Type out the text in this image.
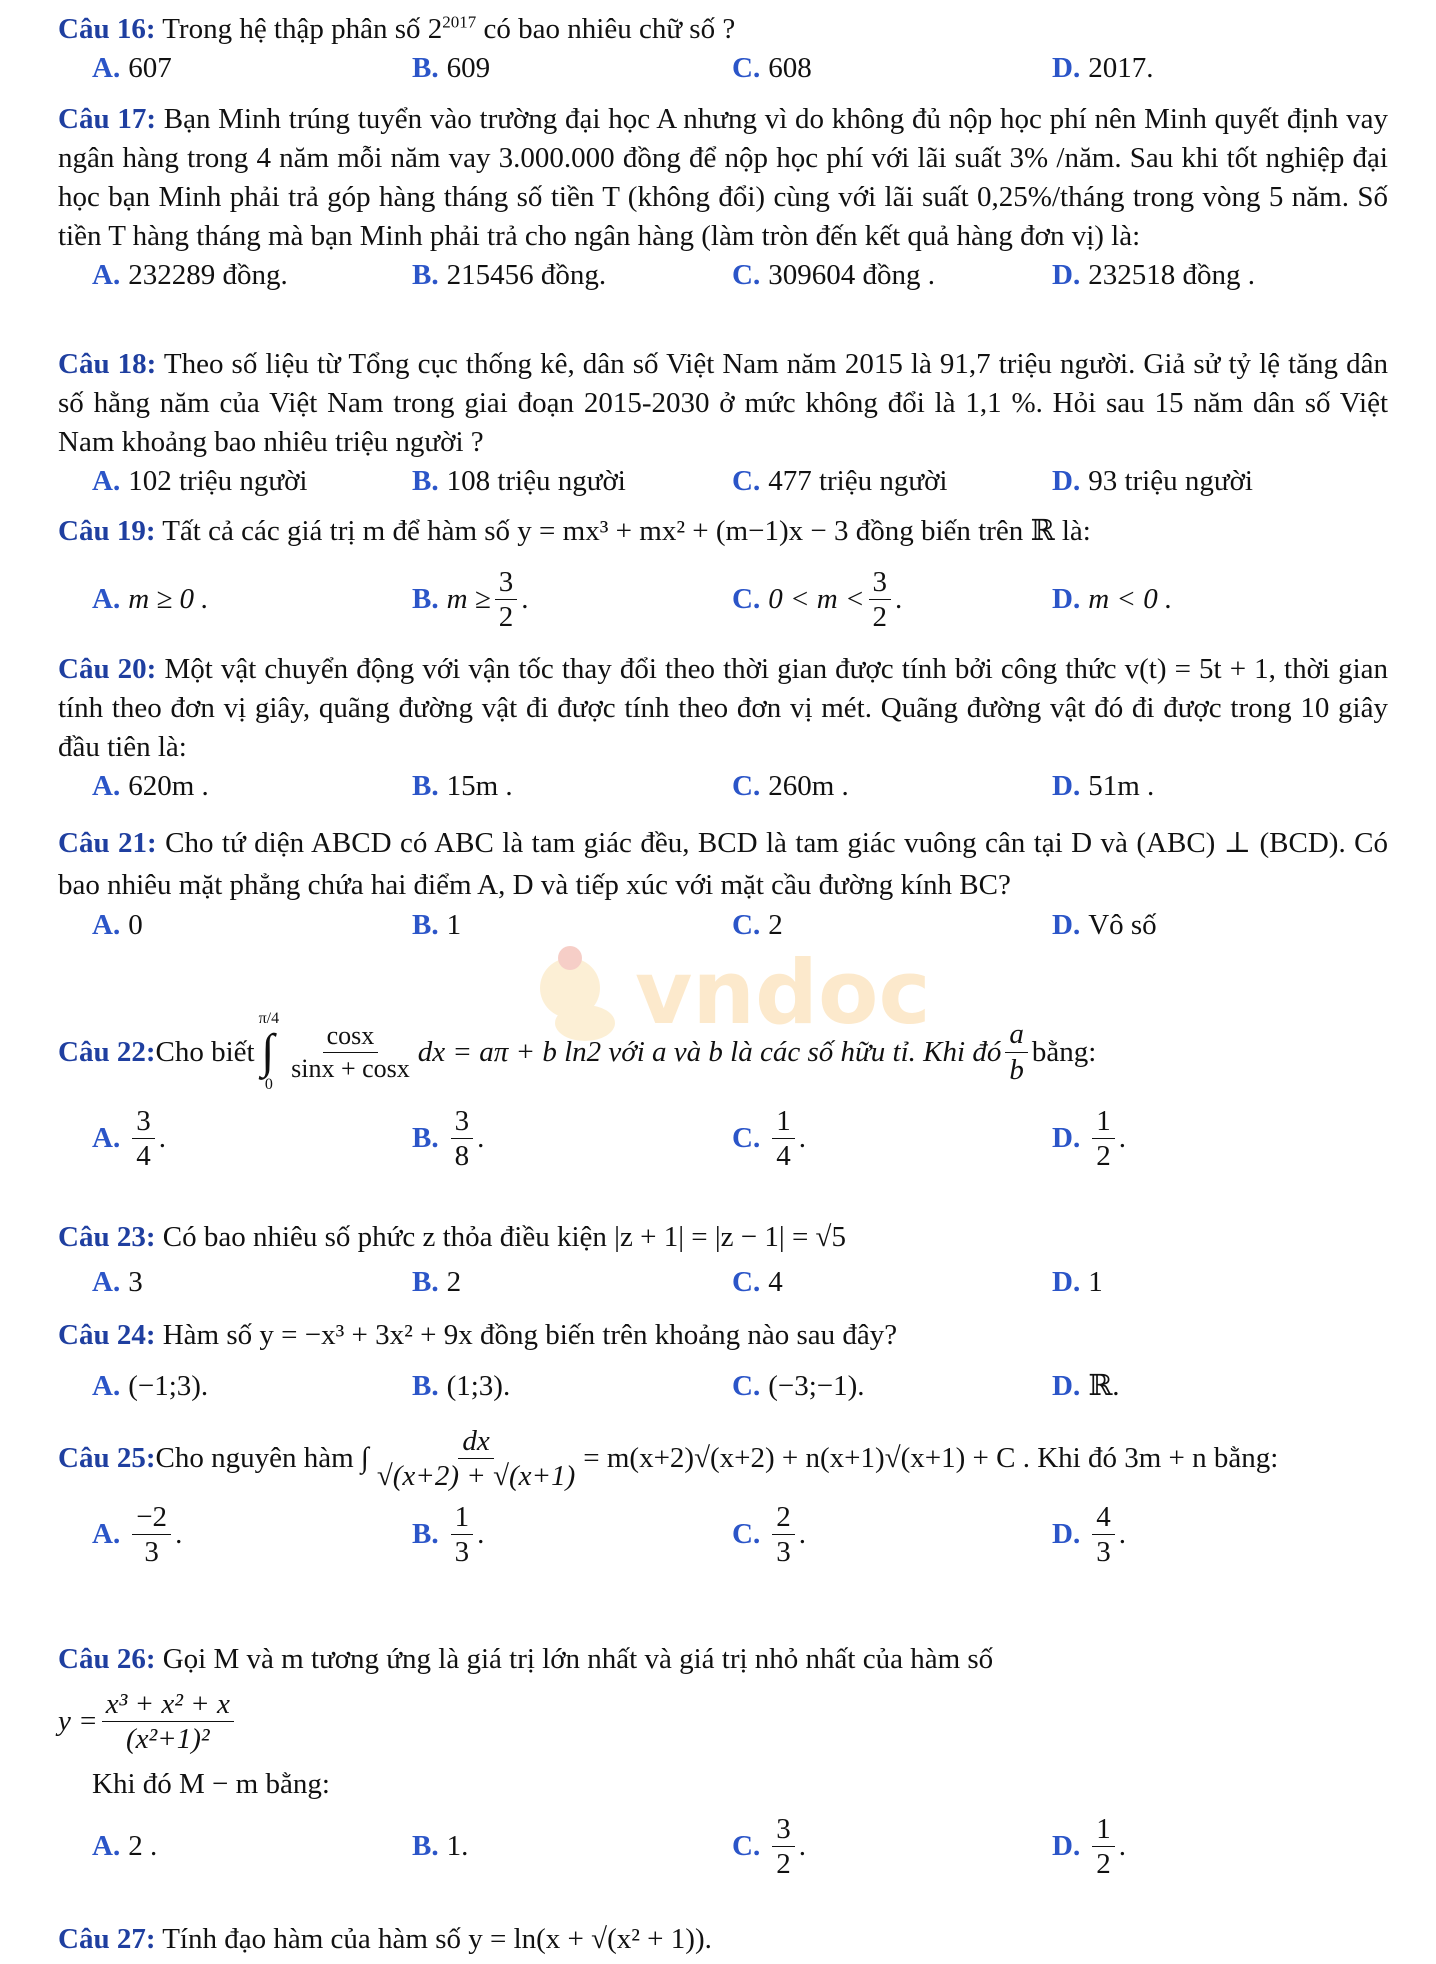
vndoc

Câu 16: Trong hệ thập phân số $2^{2017}$ có bao nhiêu chữ số ?

A. 607	B. 609	C. 608	D. 2017.

Câu 17: Bạn Minh trúng tuyển vào trường đại học A nhưng vì do không đủ nộp học phí nên Minh quyết định vay ngân hàng trong 4 năm mỗi năm vay 3.000.000 đồng để nộp học phí với lãi suất 3% /năm. Sau khi tốt nghiệp đại học bạn Minh phải trả góp hàng tháng số tiền T (không đổi) cùng với lãi suất 0,25%/tháng trong vòng 5 năm. Số tiền T hàng tháng mà bạn Minh phải trả cho ngân hàng (làm tròn đến kết quả hàng đơn vị) là:

A. 232289 đồng.	B. 215456 đồng.	C. 309604 đồng .	D. 232518 đồng .

Câu 18: Theo số liệu từ Tổng cục thống kê, dân số Việt Nam năm 2015 là 91,7 triệu người. Giả sử tỷ lệ tăng dân số hằng năm của Việt Nam trong giai đoạn 2015-2030 ở mức không đổi là 1,1 %. Hỏi sau 15 năm dân số Việt Nam khoảng bao nhiêu triệu người ?

A. 102 triệu người	B. 108 triệu người	C. 477 triệu người	D. 93 triệu người

Câu 19: Tất cả các giá trị m để hàm số y = mx³ + mx² + (m−1)x − 3 đồng biến trên ℝ là:

A. m ≥ 0 .	B. $m \ge \frac{3}{2}$ .	C. $0 < m < \frac{3}{2}$ .	D. m < 0 .

Câu 20: Một vật chuyển động với vận tốc thay đổi theo thời gian được tính bởi công thức v(t) = 5t + 1, thời gian tính theo đơn vị giây, quãng đường vật đi được tính theo đơn vị mét. Quãng đường vật đó đi được trong 10 giây đầu tiên là:

A. 620m .	B. 15m .	C. 260m .	D. 51m .

Câu 21: Cho tứ diện ABCD có ABC là tam giác đều, BCD là tam giác vuông cân tại D và (ABC) ⊥ (BCD). Có bao nhiêu mặt phẳng chứa hai điểm A, D và tiếp xúc với mặt cầu đường kính BC?

A. 0	B. 1	C. 2	D. Vô số

Câu 22: Cho biết
π/4
∫
0
$\frac{\cos x}{\sin x + \cos x}$ dx = aπ + b ln2 với a và b là các số hữu tỉ. Khi đó $\frac{a}{b}$ bằng:

A. $\frac{3}{4}$ .	B. $\frac{3}{8}$ .	C. $\frac{1}{4}$ .	D. $\frac{1}{2}$ .

Câu 23: Có bao nhiêu số phức z thỏa điều kiện |z + 1| = |z − 1| = √5

A. 3	B. 2	C. 4	D. 1

Câu 24: Hàm số y = −x³ + 3x² + 9x đồng biến trên khoảng nào sau đây?

A. (−1;3).	B. (1;3).	C. (−3;−1).	D. ℝ.

Câu 25: Cho nguyên hàm ∫ $\frac{dx}{√(x+2) + √(x+1)} = m(x+2)√(x+2) + n(x+1)√(x+1) + C$ . Khi đó 3m + n bằng:

A. $\frac{-2}{3}$ .	B. $\frac{1}{3}$ .	C. $\frac{2}{3}$ .	D. $\frac{4}{3}$ .

Câu 26: Gọi M và m tương ứng là giá trị lớn nhất và giá trị nhỏ nhất của hàm số

$y = \frac{\text{x³ + x² + x}}{\text{(x²+1)²}}$

Khi đó M − m bằng:

A. 2 .	B. 1.	C. $\frac{3}{2}$ .	D. $\frac{1}{2}$ .

Câu 27: Tính đạo hàm của hàm số y = ln(x + √(x² + 1)).
